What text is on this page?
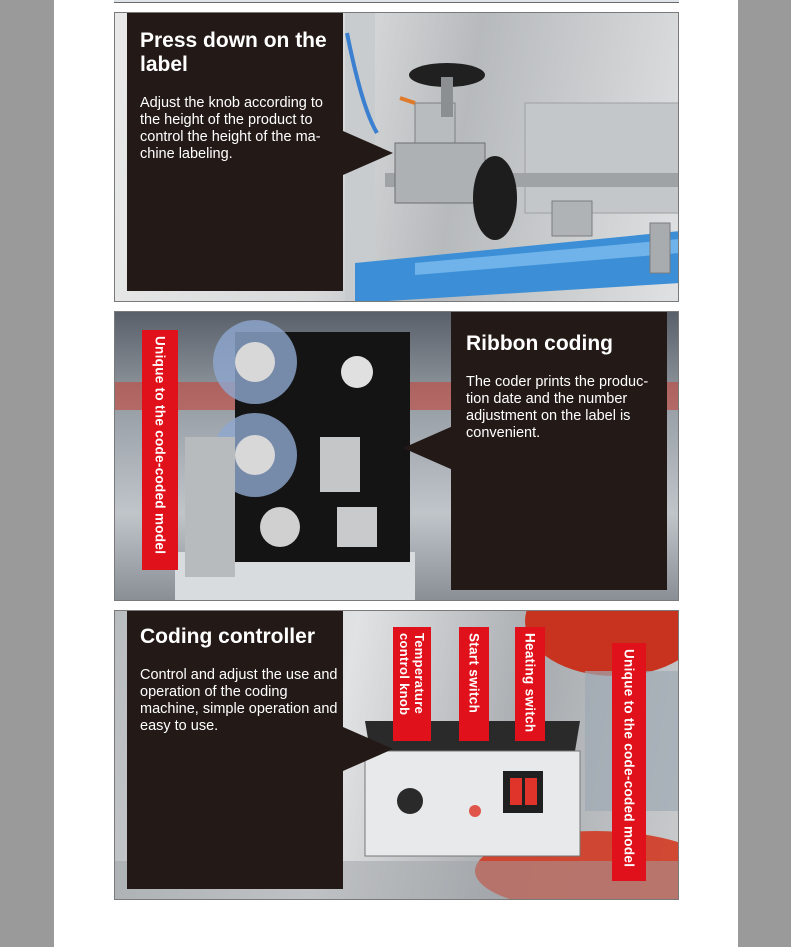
Press down on the label
Adjust the knob according to the height of the product to control the height of the ma-chine labeling.
Unique to the code-coded model	Ribbon coding
The coder prints the produc-tion date and the number adjustment on the label is convenient.
Coding controller
Control and adjust the use and operation of the coding machine, simple operation and easy to use.
Temperature control knob	Start switch	Heating switch	Unique to the code-coded model
